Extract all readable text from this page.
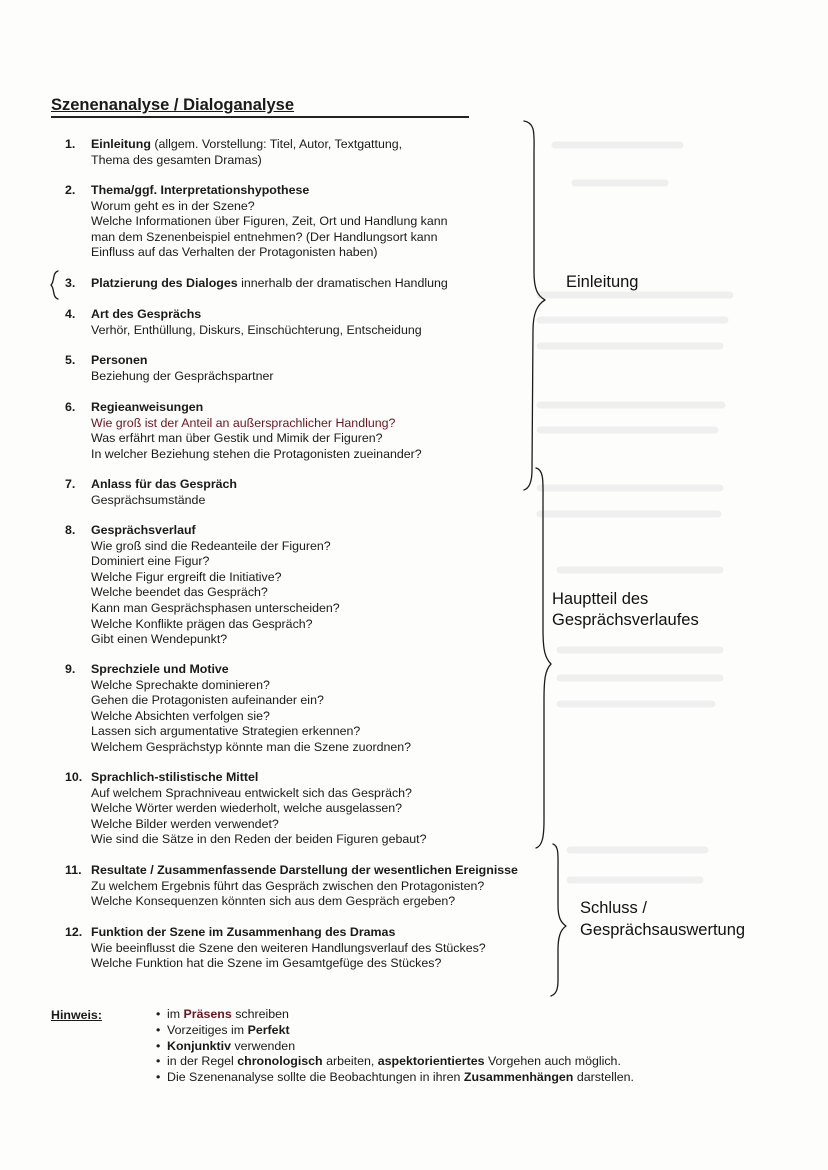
Szenenanalyse / Dialoganalyse
1. Einleitung (allgem. Vorstellung: Titel, Autor, Textgattung,
Thema des gesamten Dramas)
2. Thema/ggf. Interpretationshypothese
Worum geht es in der Szene?
Welche Informationen über Figuren, Zeit, Ort und Handlung kann
man dem Szenenbeispiel entnehmen? (Der Handlungsort kann
Einfluss auf das Verhalten der Protagonisten haben)
3. Platzierung des Dialoges innerhalb der dramatischen Handlung
4. Art des Gesprächs
Verhör, Enthüllung, Diskurs, Einschüchterung, Entscheidung
5. Personen
Beziehung der Gesprächspartner
6. Regieanweisungen
Wie groß ist der Anteil an außersprachlicher Handlung?
Was erfährt man über Gestik und Mimik der Figuren?
In welcher Beziehung stehen die Protagonisten zueinander?
7. Anlass für das Gespräch
Gesprächsumstände
8. Gesprächsverlauf
Wie groß sind die Redeanteile der Figuren?
Dominiert eine Figur?
Welche Figur ergreift die Initiative?
Welche beendet das Gespräch?
Kann man Gesprächsphasen unterscheiden?
Welche Konflikte prägen das Gespräch?
Gibt einen Wendepunkt?
9. Sprechziele und Motive
Welche Sprechakte dominieren?
Gehen die Protagonisten aufeinander ein?
Welche Absichten verfolgen sie?
Lassen sich argumentative Strategien erkennen?
Welchem Gesprächstyp könnte man die Szene zuordnen?
10. Sprachlich-stilistische Mittel
Auf welchem Sprachniveau entwickelt sich das Gespräch?
Welche Wörter werden wiederholt, welche ausgelassen?
Welche Bilder werden verwendet?
Wie sind die Sätze in den Reden der beiden Figuren gebaut?
11. Resultate / Zusammenfassende Darstellung der wesentlichen Ereignisse
Zu welchem Ergebnis führt das Gespräch zwischen den Protagonisten?
Welche Konsequenzen könnten sich aus dem Gespräch ergeben?
12. Funktion der Szene im Zusammenhang des Dramas
Wie beeinflusst die Szene den weiteren Handlungsverlauf des Stückes?
Welche Funktion hat die Szene im Gesamtgefüge des Stückes?
Einleitung
Hauptteil des
Gesprächsverlaufes
Schluss /
Gesprächsauswertung
Hinweis:	• im Präsens schreiben
• Vorzeitiges im Perfekt
• Konjunktiv verwenden
• in der Regel chronologisch arbeiten, aspektorientiertes Vorgehen auch möglich.
• Die Szenenanalyse sollte die Beobachtungen in ihren Zusammenhängen darstellen.
